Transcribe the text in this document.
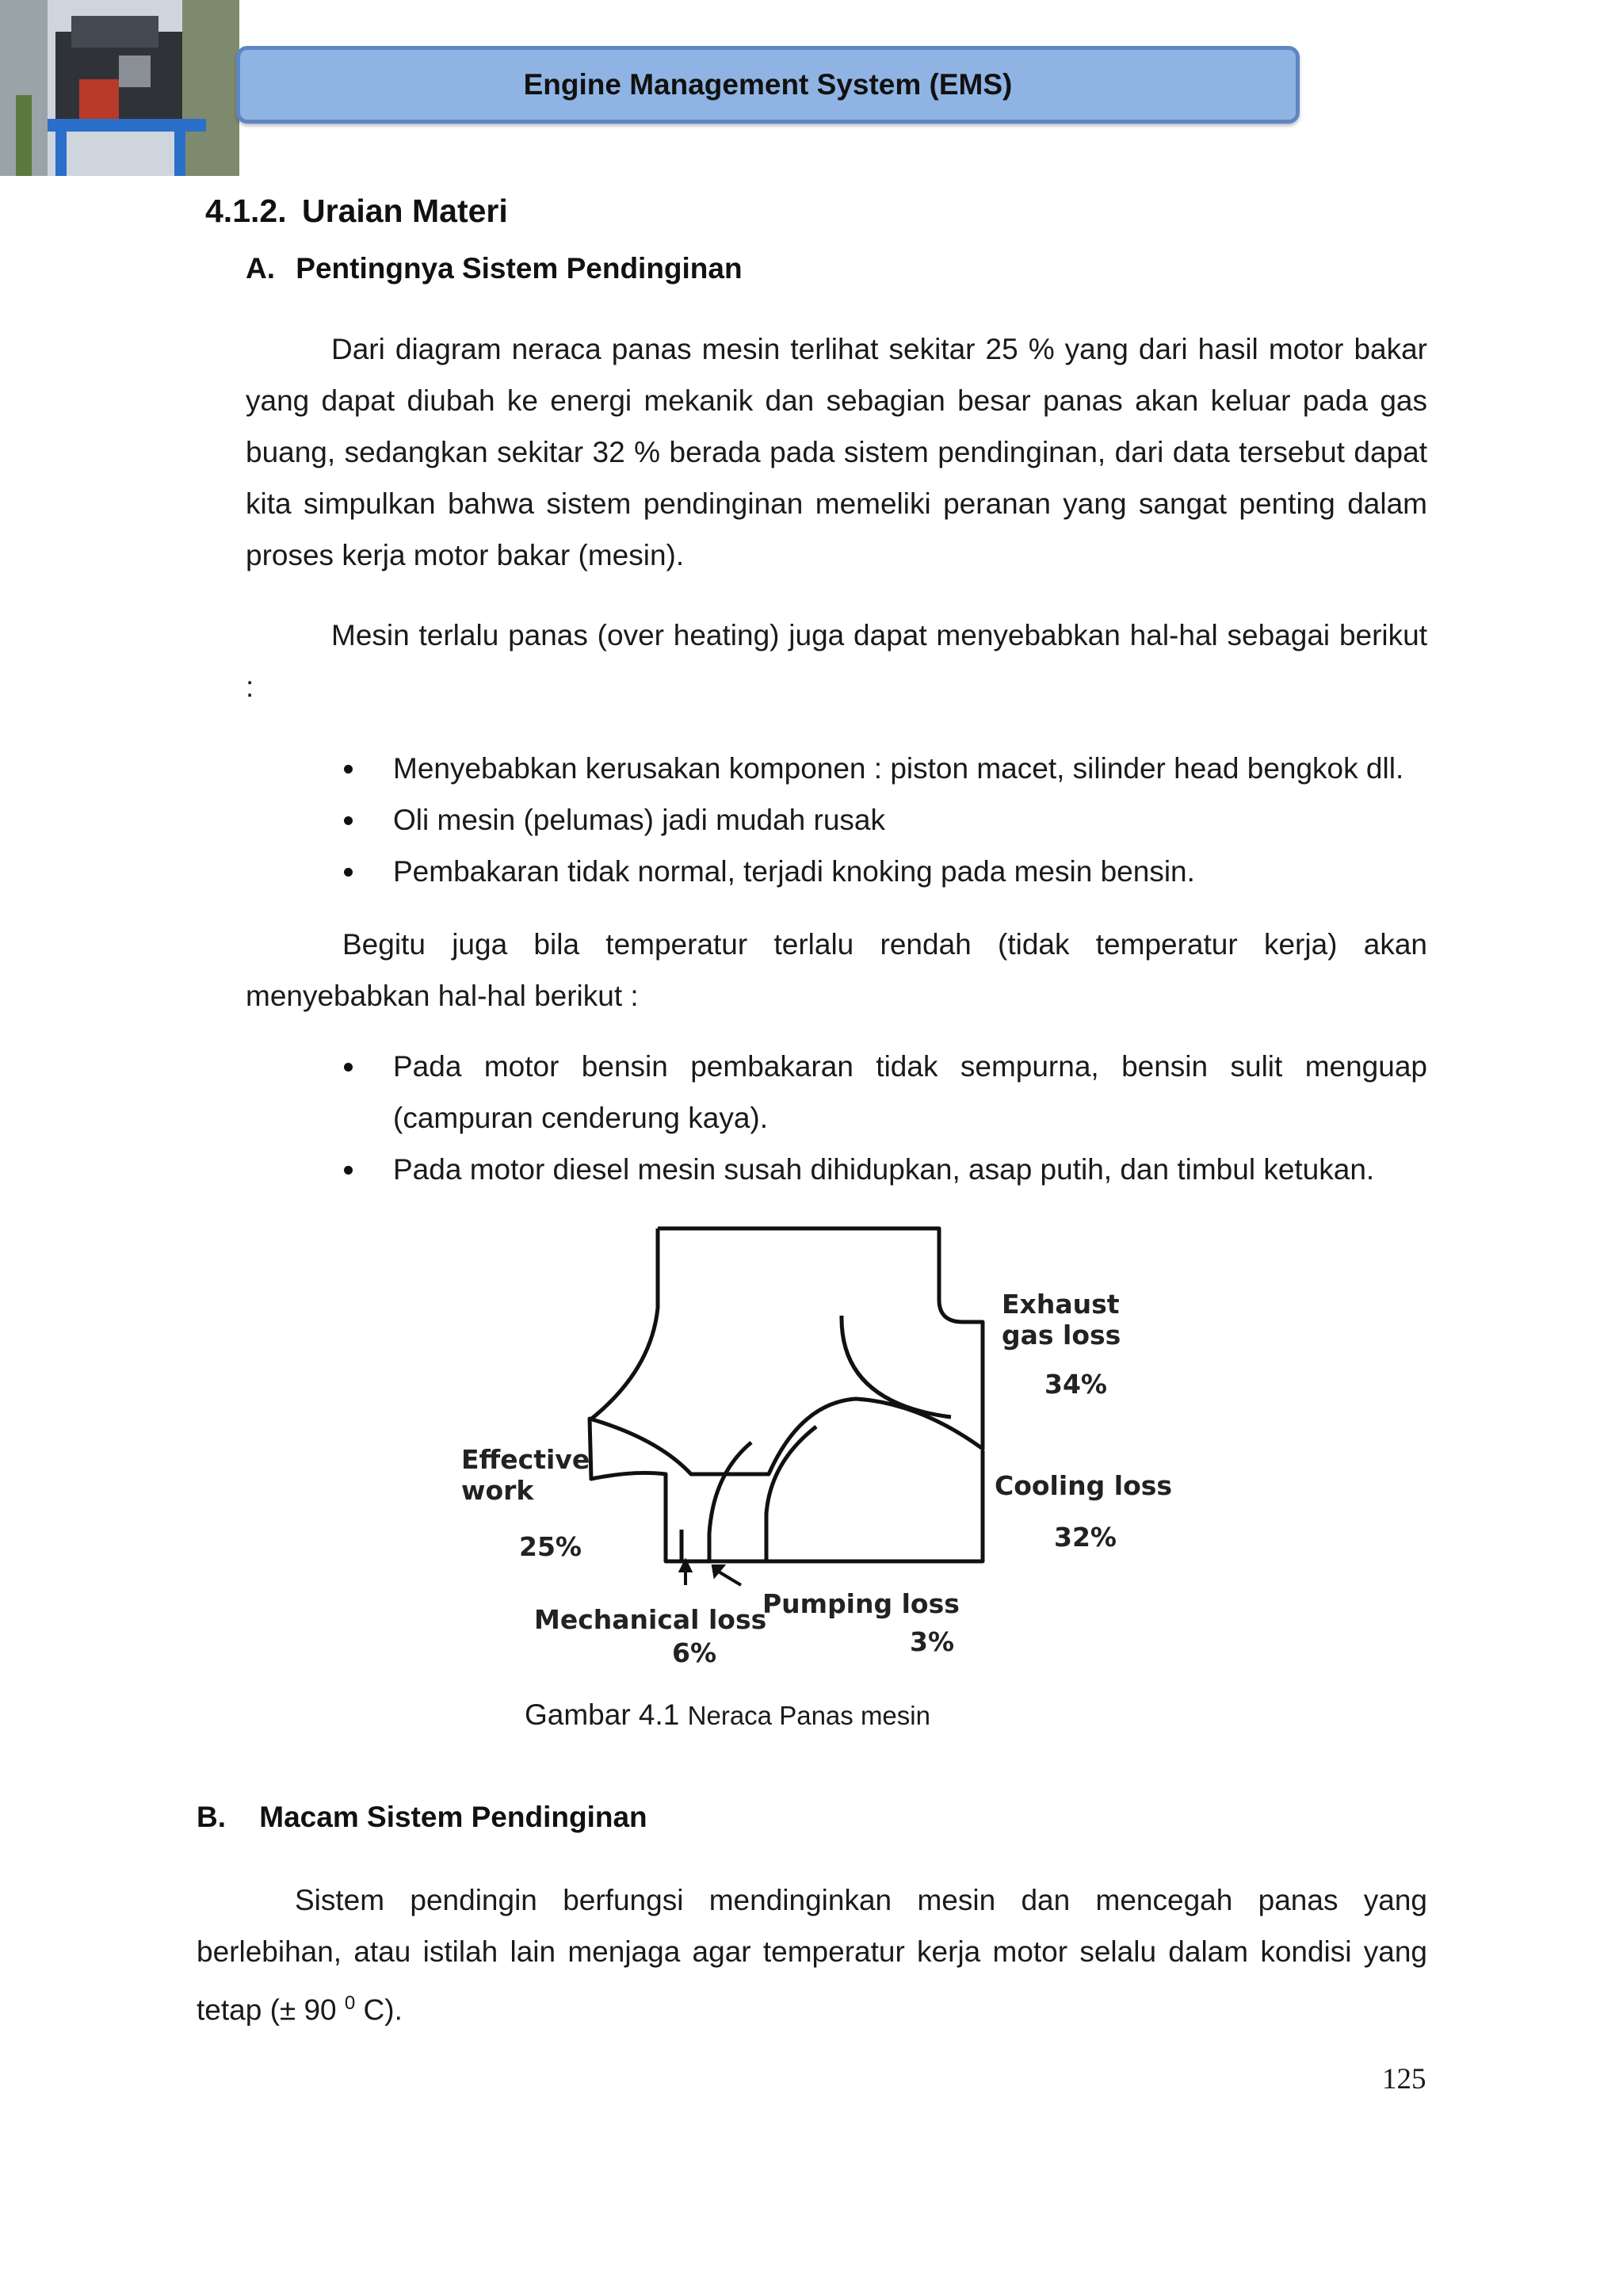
Engine Management System (EMS)
4.1.2. Uraian Materi
A. Pentingnya Sistem Pendinginan

Dari diagram neraca panas mesin terlihat sekitar 25 % yang dari hasil motor bakar yang dapat diubah ke energi mekanik dan sebagian besar panas akan keluar pada gas buang, sedangkan sekitar 32 % berada pada sistem pendinginan, dari data tersebut dapat kita simpulkan bahwa sistem pendinginan memeliki peranan yang sangat penting dalam proses kerja motor bakar (mesin).

Mesin terlalu panas (over heating) juga dapat menyebabkan hal-hal sebagai berikut :

Menyebabkan kerusakan komponen : piston macet, silinder head bengkok dll.
Oli mesin (pelumas) jadi mudah rusak
Pembakaran tidak normal, terjadi knoking pada mesin bensin.

Begitu juga bila temperatur terlalu rendah (tidak temperatur kerja) akan menyebabkan hal-hal berikut :

Pada motor bensin pembakaran tidak sempurna, bensin sulit menguap (campuran cenderung kaya).
Pada motor diesel mesin susah dihidupkan, asap putih, dan timbul ketukan.
Exhaust
gas loss
34%
Effective
work
25%
Cooling loss
32%
Mechanical loss
6%
Pumping loss
3%
Gambar 4.1 Neraca Panas mesin
B. Macam Sistem Pendinginan

Sistem pendingin berfungsi mendinginkan mesin dan mencegah panas yang berlebihan, atau istilah lain menjaga agar temperatur kerja motor selalu dalam kondisi yang tetap (± 90 $^0$ C).

125
